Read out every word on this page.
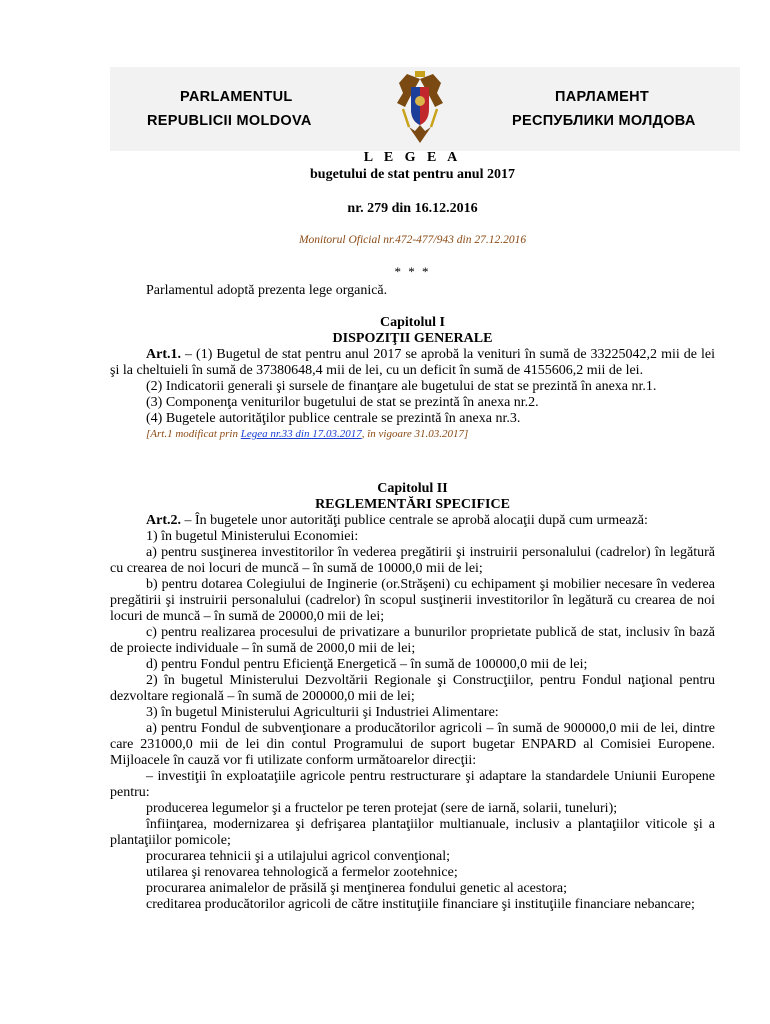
PARLAMENTUL
REPUBLICII MOLDOVA
ПАРЛАМЕНТ
РЕСПУБЛИКИ МОЛДОВА
L E G E A
bugetului de stat pentru anul 2017
nr. 279 din 16.12.2016
Monitorul Oficial nr.472-477/943 din 27.12.2016
* * *

Parlamentul adoptă prezenta lege organică.

Capitolul I

DISPOZIŢII GENERALE

Art.1. – (1) Bugetul de stat pentru anul 2017 se aprobă la venituri în sumă de 33225042,2 mii de lei şi la cheltuieli în sumă de 37380648,4 mii de lei, cu un deficit în sumă de 4155606,2 mii de lei.

(2) Indicatorii generali şi sursele de finanţare ale bugetului de stat se prezintă în anexa nr.1.

(3) Componenţa veniturilor bugetului de stat se prezintă în anexa nr.2.

(4) Bugetele autorităţilor publice centrale se prezintă în anexa nr.3.

[Art.1 modificat prin Legea nr.33 din 17.03.2017, în vigoare 31.03.2017]

Capitolul II

REGLEMENTĂRI SPECIFICE

Art.2. – În bugetele unor autorităţi publice centrale se aprobă alocaţii după cum urmează:

1) în bugetul Ministerului Economiei:

a) pentru susţinerea investitorilor în vederea pregătirii şi instruirii personalului (cadrelor) în legătură cu crearea de noi locuri de muncă – în sumă de 10000,0 mii de lei;

b) pentru dotarea Colegiului de Inginerie (or.Străşeni) cu echipament şi mobilier necesare în vederea pregătirii şi instruirii personalului (cadrelor) în scopul susţinerii investitorilor în legătură cu crearea de noi locuri de muncă – în sumă de 20000,0 mii de lei;

c) pentru realizarea procesului de privatizare a bunurilor proprietate publică de stat, inclusiv în bază de proiecte individuale – în sumă de 2000,0 mii de lei;

d) pentru Fondul pentru Eficienţă Energetică – în sumă de 100000,0 mii de lei;

2) în bugetul Ministerului Dezvoltării Regionale şi Construcţiilor, pentru Fondul naţional pentru dezvoltare regională – în sumă de 200000,0 mii de lei;

3) în bugetul Ministerului Agriculturii şi Industriei Alimentare:

a) pentru Fondul de subvenţionare a producătorilor agricoli – în sumă de 900000,0 mii de lei, dintre care 231000,0 mii de lei din contul Programului de suport bugetar ENPARD al Comisiei Europene. Mijloacele în cauză vor fi utilizate conform următoarelor direcţii:

– investiţii în exploataţiile agricole pentru restructurare şi adaptare la standardele Uniunii Europene pentru:

producerea legumelor şi a fructelor pe teren protejat (sere de iarnă, solarii, tuneluri);

înfiinţarea, modernizarea şi defrişarea plantaţiilor multianuale, inclusiv a plantaţiilor viticole şi a plantaţiilor pomicole;

procurarea tehnicii şi a utilajului agricol convenţional;

utilarea şi renovarea tehnologică a fermelor zootehnice;

procurarea animalelor de prăsilă şi menţinerea fondului genetic al acestora;

creditarea producătorilor agricoli de către instituţiile financiare şi instituţiile financiare nebancare;
